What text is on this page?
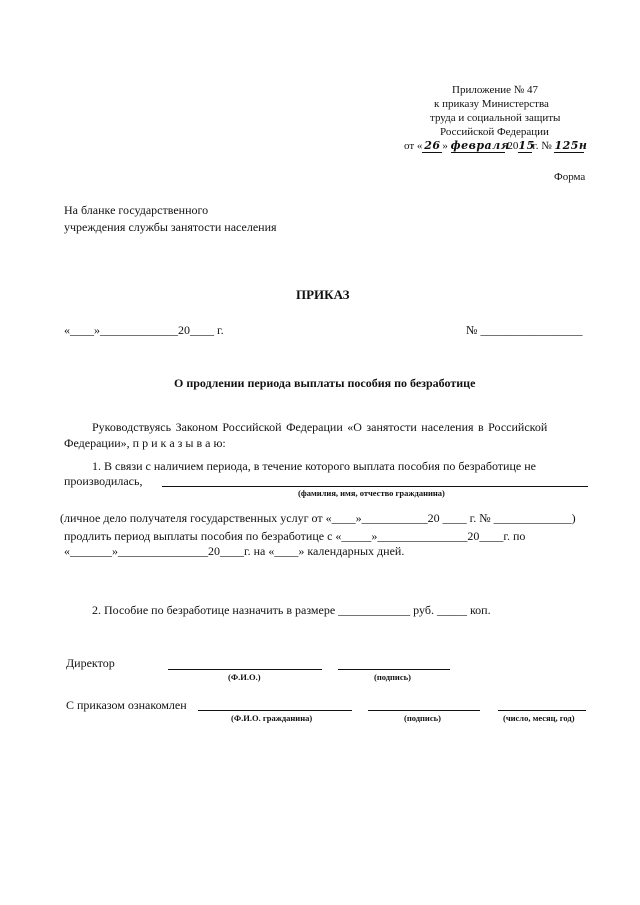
Приложение № 47
к приказу Министерства
труда и социальной защиты
Российской Федерации
от « 26 » февраля 2015г. № 125н
Форма
На бланке государственного
учреждения службы занятости населения
ПРИКАЗ
«____»_____________20____ г.	№ _________________
О продлении периода выплаты пособия по безработице
Руководствуясь Законом Российской Федерации «О занятости населения в Российской
Федерации», п р и к а з ы в а ю:
1. В связи с наличием периода, в течение которого выплата пособия по безработице не
производилась,
(фамилия, имя, отчество гражданина)
(личное дело получателя государственных услуг от «____»___________20 ____ г. № _____________)
продлить период выплаты пособия по безработице с «_____»_______________20____г. по
«_______»_______________20____г. на «____» календарных дней.
2. Пособие по безработице назначить в размере ____________ руб. _____ коп.
Директор
(Ф.И.О.)	(подпись)
С приказом ознакомлен
(Ф.И.О. гражданина)	(подпись)	(число, месяц, год)
